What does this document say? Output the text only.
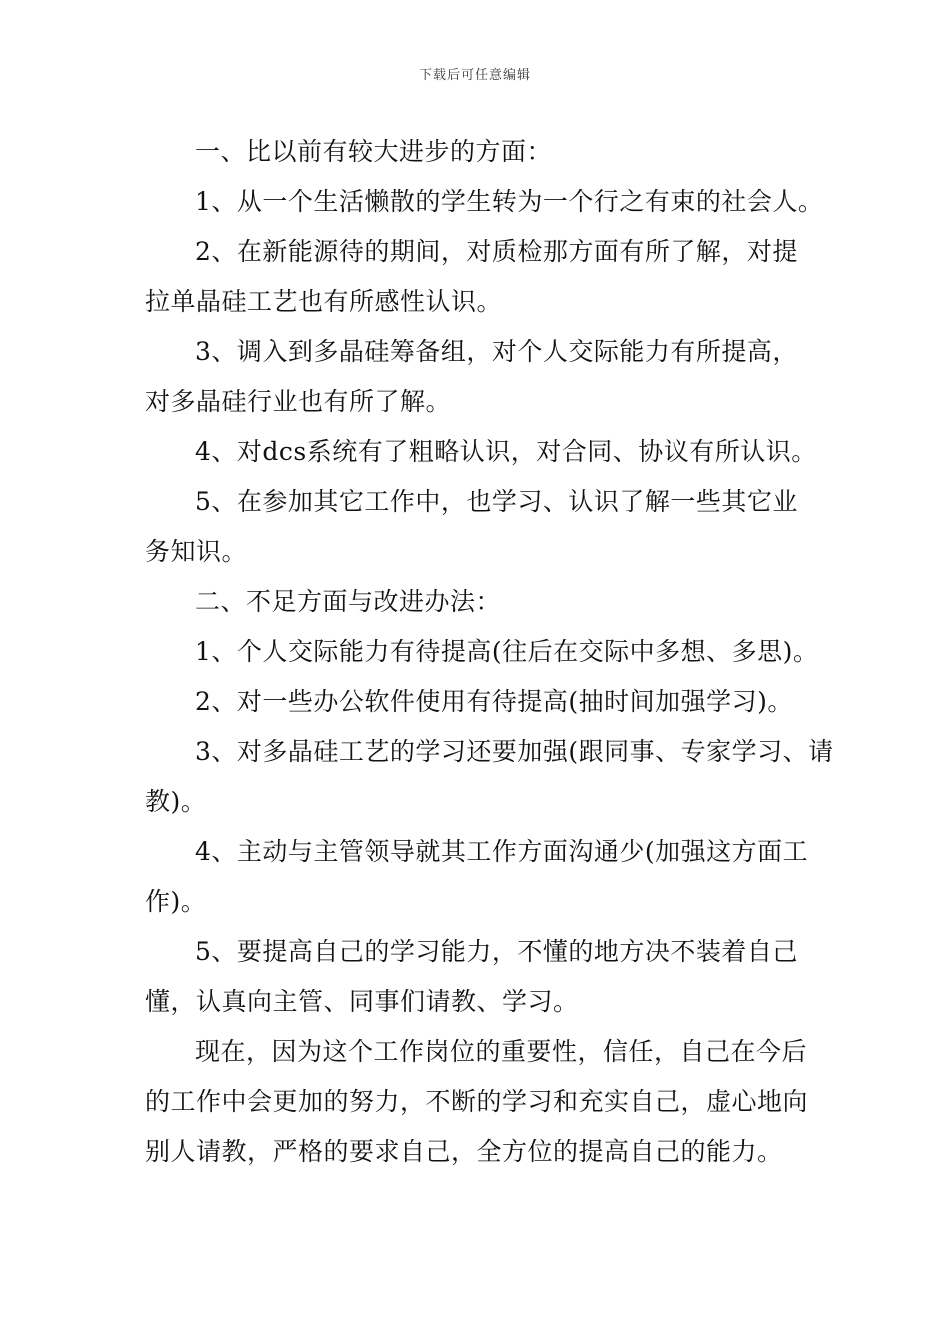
下载后可任意编辑

一、比以前有较大进步的方面：

1、从一个生活懒散的学生转为一个行之有束的社会人。

2、在新能源待的期间，对质检那方面有所了解，对提拉单晶硅工艺也有所感性认识。

3、调入到多晶硅筹备组，对个人交际能力有所提高，对多晶硅行业也有所了解。

4、对dcs系统有了粗略认识，对合同、协议有所认识。

5、在参加其它工作中，也学习、认识了解一些其它业务知识。

二、不足方面与改进办法：

1、个人交际能力有待提高(往后在交际中多想、多思)。

2、对一些办公软件使用有待提高(抽时间加强学习)。

3、对多晶硅工艺的学习还要加强(跟同事、专家学习、请教)。

4、主动与主管领导就其工作方面沟通少(加强这方面工作)。

5、要提高自己的学习能力，不懂的地方决不装着自己懂，认真向主管、同事们请教、学习。

现在，因为这个工作岗位的重要性，信任，自己在今后的工作中会更加的努力，不断的学习和充实自己，虚心地向别人请教，严格的要求自己，全方位的提高自己的能力。
